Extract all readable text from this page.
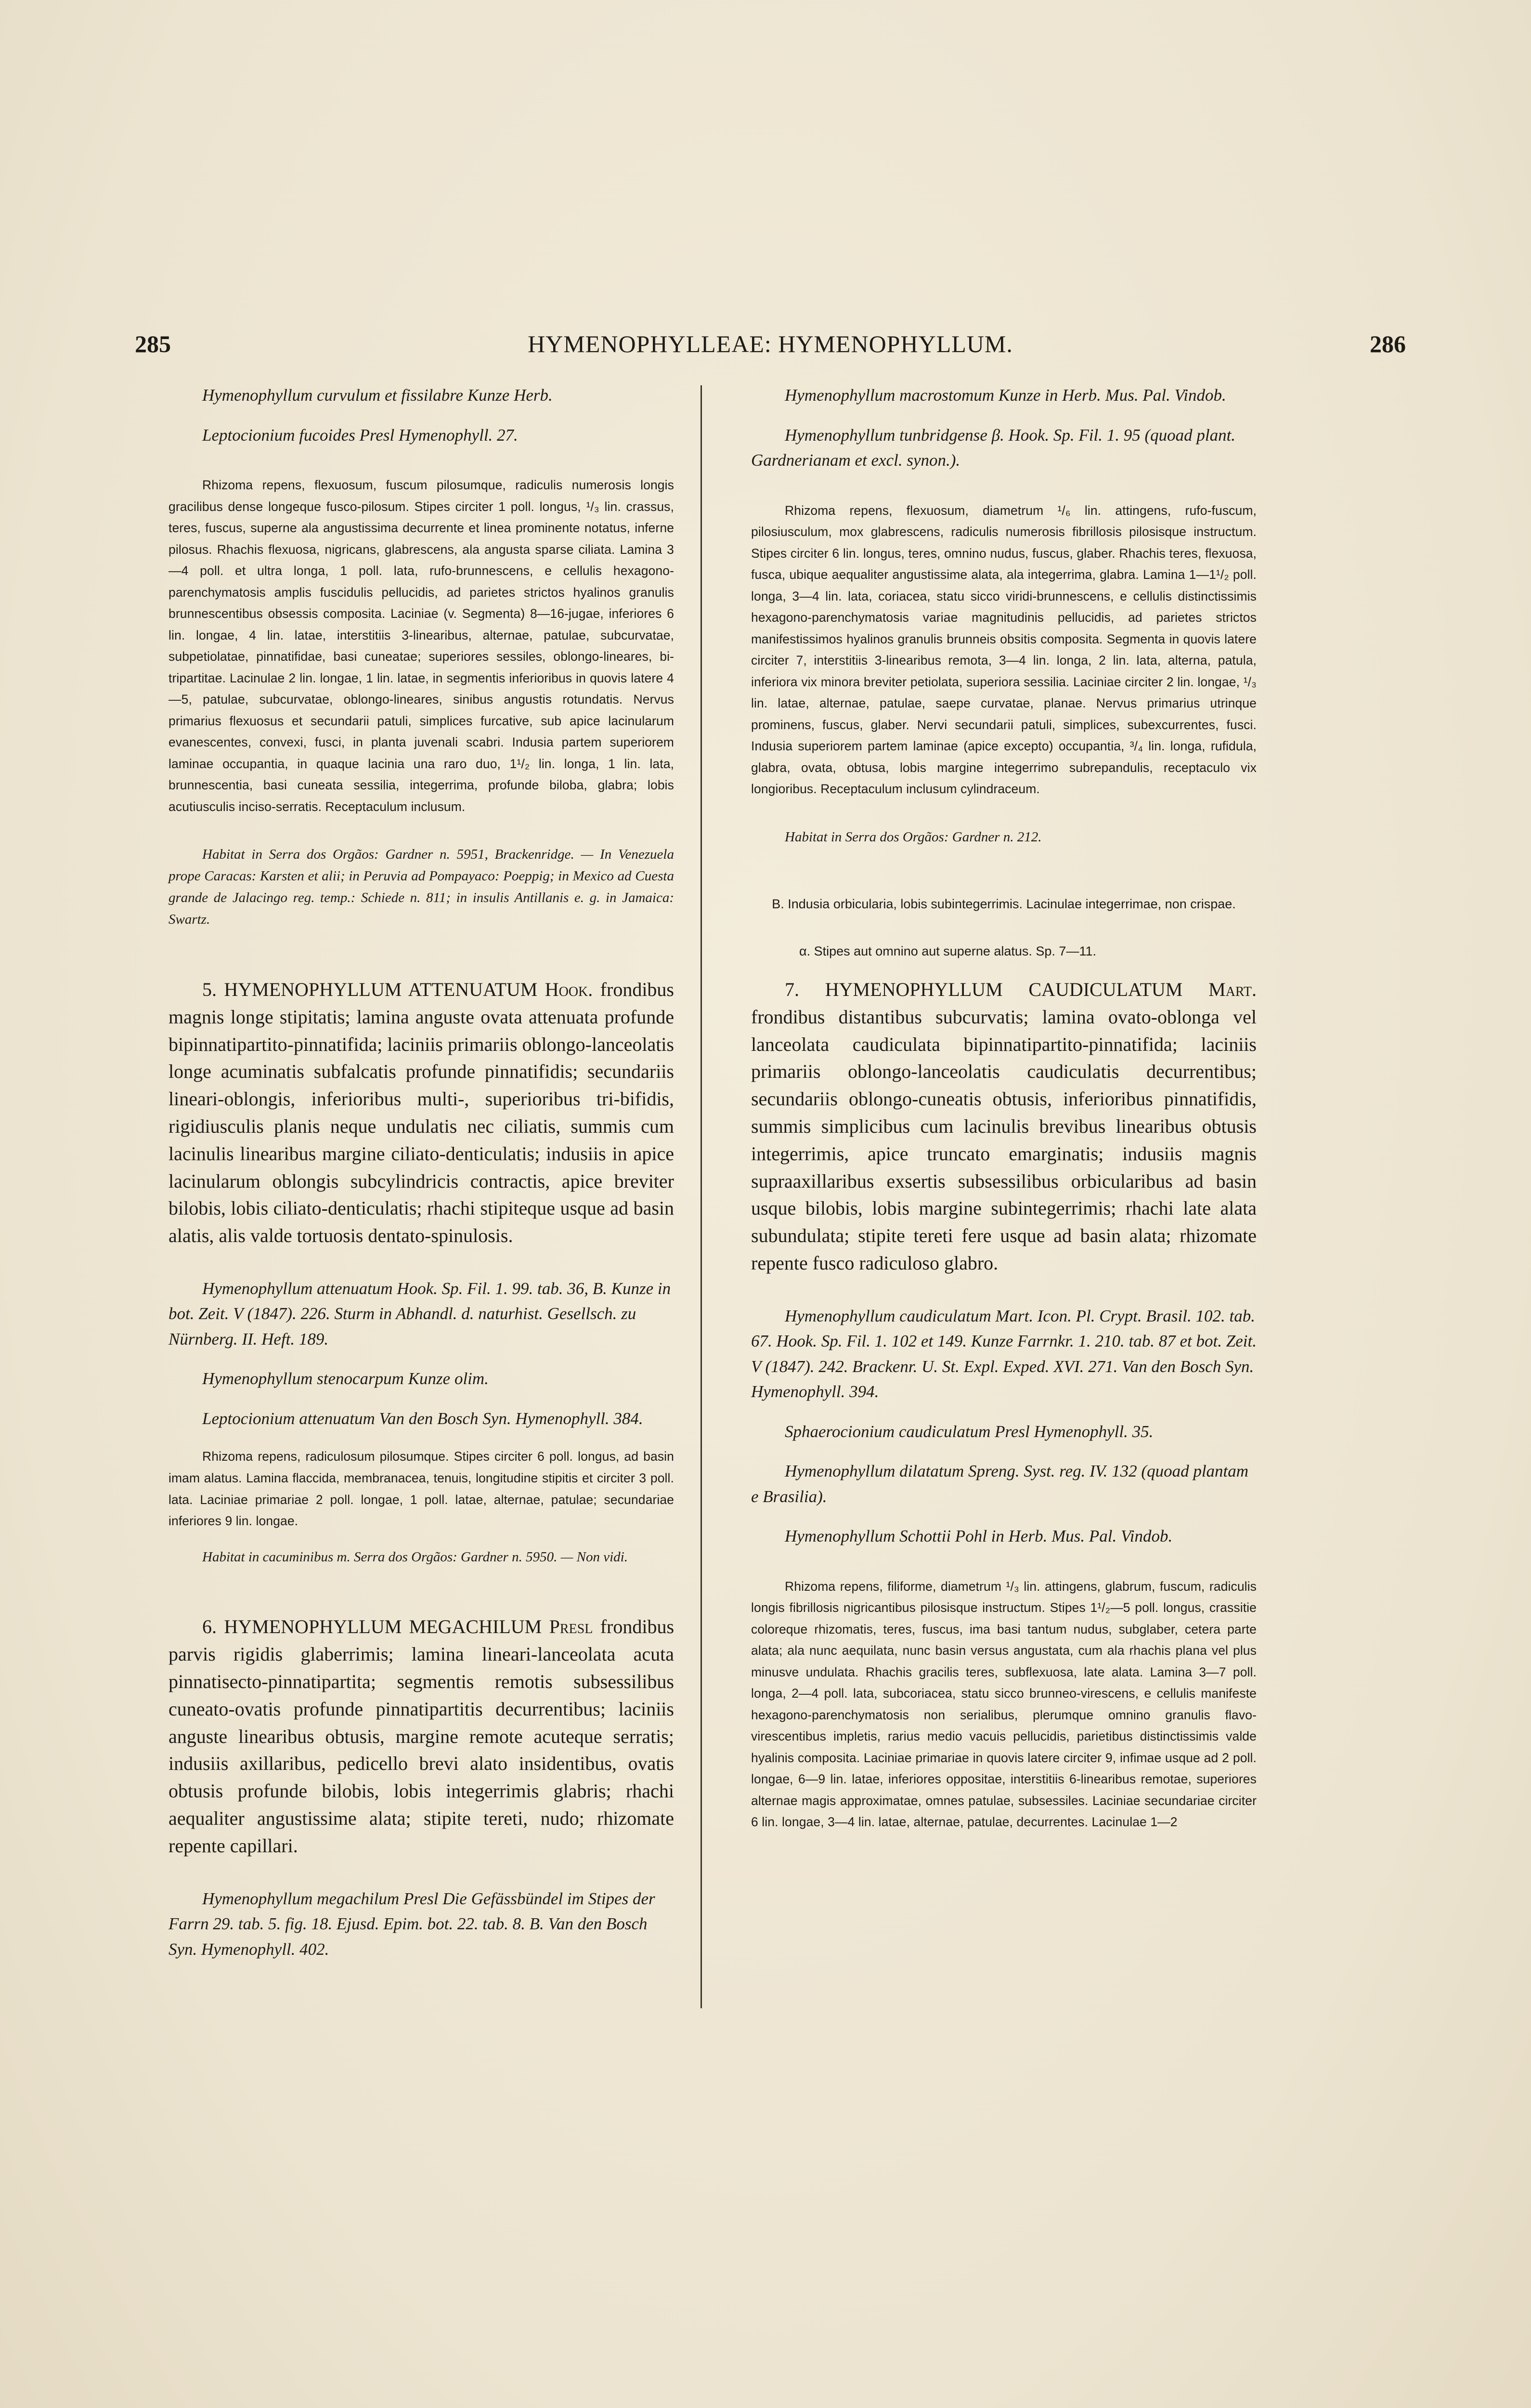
285	HYMENOPHYLLEAE: HYMENOPHYLLUM.	286

Hymenophyllum curvulum et fissilabre Kunze Herb.

Leptocionium fucoides Presl Hymenophyll. 27.

Rhizoma repens, flexuosum, fuscum pilosumque, radiculis numerosis longis gracilibus dense longeque fusco-pilosum. Stipes circiter 1 poll. longus, ¹/₃ lin. crassus, teres, fuscus, superne ala angustissima decurrente et linea prominente notatus, inferne pilosus. Rhachis flexuosa, nigricans, glabrescens, ala angusta sparse ciliata. Lamina 3—4 poll. et ultra longa, 1 poll. lata, rufo-brunnescens, e cellulis hexagono-parenchymatosis amplis fuscidulis pellucidis, ad parietes strictos hyalinos granulis brunnescentibus obsessis composita. Laciniae (v. Segmenta) 8—16-jugae, inferiores 6 lin. longae, 4 lin. latae, interstitiis 3-linearibus, alternae, patulae, subcurvatae, subpetiolatae, pinnatifidae, basi cuneatae; superiores sessiles, oblongo-lineares, bi-tripartitae. Lacinulae 2 lin. longae, 1 lin. latae, in segmentis inferioribus in quovis latere 4—5, patulae, subcurvatae, oblongo-lineares, sinibus angustis rotundatis. Nervus primarius flexuosus et secundarii patuli, simplices furcative, sub apice lacinularum evanescentes, convexi, fusci, in planta juvenali scabri. Indusia partem superiorem laminae occupantia, in quaque lacinia una raro duo, 1¹/₂ lin. longa, 1 lin. lata, brunnescentia, basi cuneata sessilia, integerrima, profunde biloba, glabra; lobis acutiusculis inciso-serratis. Receptaculum inclusum.

Habitat in Serra dos Orgãos: Gardner n. 5951, Brackenridge. — In Venezuela prope Caracas: Karsten et alii; in Peruvia ad Pompayaco: Poeppig; in Mexico ad Cuesta grande de Jalacingo reg. temp.: Schiede n. 811; in insulis Antillanis e. g. in Jamaica: Swartz.

5. HYMENOPHYLLUM ATTENUATUM Hook. frondibus magnis longe stipitatis; lamina anguste ovata attenuata profunde bipinnatipartito-pinnatifida; laciniis primariis oblongo-lanceolatis longe acuminatis subfalcatis profunde pinnatifidis; secundariis lineari-oblongis, inferioribus multi-, superioribus tri-bifidis, rigidiusculis planis neque undulatis nec ciliatis, summis cum lacinulis linearibus margine ciliato-denticulatis; indusiis in apice lacinularum oblongis subcylindricis contractis, apice breviter bilobis, lobis ciliato-denticulatis; rhachi stipiteque usque ad basin alatis, alis valde tortuosis dentato-spinulosis.

Hymenophyllum attenuatum Hook. Sp. Fil. 1. 99. tab. 36, B. Kunze in bot. Zeit. V (1847). 226. Sturm in Abhandl. d. naturhist. Gesellsch. zu Nürnberg. II. Heft. 189.

Hymenophyllum stenocarpum Kunze olim.

Leptocionium attenuatum Van den Bosch Syn. Hymenophyll. 384.

Rhizoma repens, radiculosum pilosumque. Stipes circiter 6 poll. longus, ad basin imam alatus. Lamina flaccida, membranacea, tenuis, longitudine stipitis et circiter 3 poll. lata. Laciniae primariae 2 poll. longae, 1 poll. latae, alternae, patulae; secundariae inferiores 9 lin. longae.

Habitat in cacuminibus m. Serra dos Orgãos: Gardner n. 5950. — Non vidi.

6. HYMENOPHYLLUM MEGACHILUM Presl frondibus parvis rigidis glaberrimis; lamina lineari-lanceolata acuta pinnatisecto-pinnatipartita; segmentis remotis subsessilibus cuneato-ovatis profunde pinnatipartitis decurrentibus; laciniis anguste linearibus obtusis, margine remote acuteque serratis; indusiis axillaribus, pedicello brevi alato insidentibus, ovatis obtusis profunde bilobis, lobis integerrimis glabris; rhachi aequaliter angustissime alata; stipite tereti, nudo; rhizomate repente capillari.

Hymenophyllum megachilum Presl Die Gefässbündel im Stipes der Farrn 29. tab. 5. fig. 18. Ejusd. Epim. bot. 22. tab. 8. B. Van den Bosch Syn. Hymenophyll. 402.

Hymenophyllum macrostomum Kunze in Herb. Mus. Pal. Vindob.

Hymenophyllum tunbridgense β. Hook. Sp. Fil. 1. 95 (quoad plant. Gardnerianam et excl. synon.).

Rhizoma repens, flexuosum, diametrum ¹/₆ lin. attingens, rufo-fuscum, pilosiusculum, mox glabrescens, radiculis numerosis fibrillosis pilosisque instructum. Stipes circiter 6 lin. longus, teres, omnino nudus, fuscus, glaber. Rhachis teres, flexuosa, fusca, ubique aequaliter angustissime alata, ala integerrima, glabra. Lamina 1—1¹/₂ poll. longa, 3—4 lin. lata, coriacea, statu sicco viridi-brunnescens, e cellulis distinctissimis hexagono-parenchymatosis variae magnitudinis pellucidis, ad parietes strictos manifestissimos hyalinos granulis brunneis obsitis composita. Segmenta in quovis latere circiter 7, interstitiis 3-linearibus remota, 3—4 lin. longa, 2 lin. lata, alterna, patula, inferiora vix minora breviter petiolata, superiora sessilia. Laciniae circiter 2 lin. longae, ¹/₃ lin. latae, alternae, patulae, saepe curvatae, planae. Nervus primarius utrinque prominens, fuscus, glaber. Nervi secundarii patuli, simplices, subexcurrentes, fusci. Indusia superiorem partem laminae (apice excepto) occupantia, ³/₄ lin. longa, rufidula, glabra, ovata, obtusa, lobis margine integerrimo subrepandulis, receptaculo vix longioribus. Receptaculum inclusum cylindraceum.

Habitat in Serra dos Orgãos: Gardner n. 212.

B. Indusia orbicularia, lobis subintegerrimis. Lacinulae integerrimae, non crispae.

α. Stipes aut omnino aut superne alatus. Sp. 7—11.

7. HYMENOPHYLLUM CAUDICULATUM Mart. frondibus distantibus subcurvatis; lamina ovato-oblonga vel lanceolata caudiculata bipinnatipartito-pinnatifida; laciniis primariis oblongo-lanceolatis caudiculatis decurrentibus; secundariis oblongo-cuneatis obtusis, inferioribus pinnatifidis, summis simplicibus cum lacinulis brevibus linearibus obtusis integerrimis, apice truncato emarginatis; indusiis magnis supraaxillaribus exsertis subsessilibus orbicularibus ad basin usque bilobis, lobis margine subintegerrimis; rhachi late alata subundulata; stipite tereti fere usque ad basin alata; rhizomate repente fusco radiculoso glabro.

Hymenophyllum caudiculatum Mart. Icon. Pl. Crypt. Brasil. 102. tab. 67. Hook. Sp. Fil. 1. 102 et 149. Kunze Farrnkr. 1. 210. tab. 87 et bot. Zeit. V (1847). 242. Brackenr. U. St. Expl. Exped. XVI. 271. Van den Bosch Syn. Hymenophyll. 394.

Sphaerocionium caudiculatum Presl Hymenophyll. 35.

Hymenophyllum dilatatum Spreng. Syst. reg. IV. 132 (quoad plantam e Brasilia).

Hymenophyllum Schottii Pohl in Herb. Mus. Pal. Vindob.

Rhizoma repens, filiforme, diametrum ¹/₃ lin. attingens, glabrum, fuscum, radiculis longis fibrillosis nigricantibus pilosisque instructum. Stipes 1¹/₂—5 poll. longus, crassitie coloreque rhizomatis, teres, fuscus, ima basi tantum nudus, subglaber, cetera parte alata; ala nunc aequilata, nunc basin versus angustata, cum ala rhachis plana vel plus minusve undulata. Rhachis gracilis teres, subflexuosa, late alata. Lamina 3—7 poll. longa, 2—4 poll. lata, subcoriacea, statu sicco brunneo-virescens, e cellulis manifeste hexagono-parenchymatosis non serialibus, plerumque omnino granulis flavo-virescentibus impletis, rarius medio vacuis pellucidis, parietibus distinctissimis valde hyalinis composita. Laciniae primariae in quovis latere circiter 9, infimae usque ad 2 poll. longae, 6—9 lin. latae, inferiores oppositae, interstitiis 6-linearibus remotae, superiores alternae magis approximatae, omnes patulae, subsessiles. Laciniae secundariae circiter 6 lin. longae, 3—4 lin. latae, alternae, patulae, decurrentes. Lacinulae 1—2
